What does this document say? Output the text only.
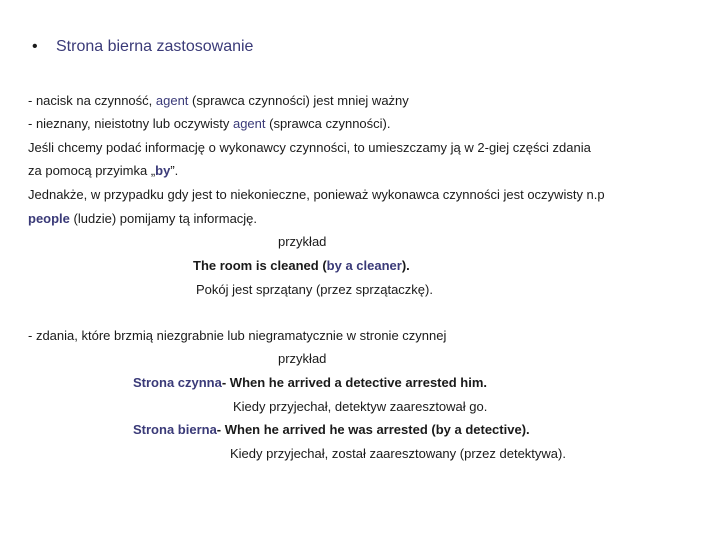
• Strona bierna zastosowanie
- nacisk na czynność, agent (sprawca czynności) jest mniej ważny
- nieznany, nieistotny lub oczywisty agent (sprawca czynności).
Jeśli chcemy podać informację o wykonawcy czynności, to umieszczamy ją w 2-giej części zdania
za pomocą przyimka „by”.
Jednakże, w przypadku gdy jest to niekonieczne, ponieważ wykonawca czynności jest oczywisty n.p
people (ludzie) pomijamy tą informację.
przykład
The room is cleaned (by a cleaner).
Pokój jest sprzątany (przez sprzątaczkę).
- zdania, które brzmią niezgrabnie lub niegramatycznie w stronie czynnej
przykład
Strona czynna- When he arrived a detective arrested him.
Kiedy przyjechał, detektyw zaaresztował go.
Strona bierna- When he arrived he was arrested (by a detective).
Kiedy przyjechał, został zaaresztowany (przez detektywa).
